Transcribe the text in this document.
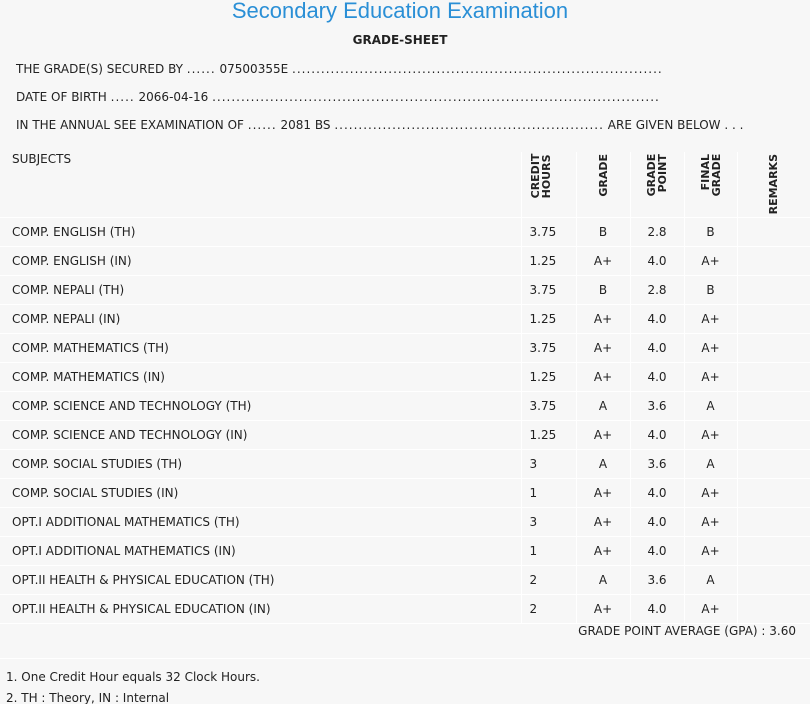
Secondary Education Examination
GRADE-SHEET
THE GRADE(S) SECURED BY ...... 07500355E .............................................................................
DATE OF BIRTH ..... 2066-04-16 .............................................................................................
IN THE ANNUAL SEE EXAMINATION OF ...... 2081 BS ........................................................ ARE GIVEN BELOW . . .
SUBJECTS	CREDIT HOURS	GRADE	GRADE POINT	FINAL GRADE	REMARKS
COMP. ENGLISH (TH)	3.75	B	2.8	B	
COMP. ENGLISH (IN)	1.25	A+	4.0	A+	
COMP. NEPALI (TH)	3.75	B	2.8	B	
COMP. NEPALI (IN)	1.25	A+	4.0	A+	
COMP. MATHEMATICS (TH)	3.75	A+	4.0	A+	
COMP. MATHEMATICS (IN)	1.25	A+	4.0	A+	
COMP. SCIENCE AND TECHNOLOGY (TH)	3.75	A	3.6	A	
COMP. SCIENCE AND TECHNOLOGY (IN)	1.25	A+	4.0	A+	
COMP. SOCIAL STUDIES (TH)	3	A	3.6	A	
COMP. SOCIAL STUDIES (IN)	1	A+	4.0	A+	
OPT.I ADDITIONAL MATHEMATICS (TH)	3	A+	4.0	A+	
OPT.I ADDITIONAL MATHEMATICS (IN)	1	A+	4.0	A+	
OPT.II HEALTH & PHYSICAL EDUCATION (TH)	2	A	3.6	A	
OPT.II HEALTH & PHYSICAL EDUCATION (IN)	2	A+	4.0	A+	
GRADE POINT AVERAGE (GPA) : 3.60
1. One Credit Hour equals 32 Clock Hours.
2. TH : Theory, IN : Internal
